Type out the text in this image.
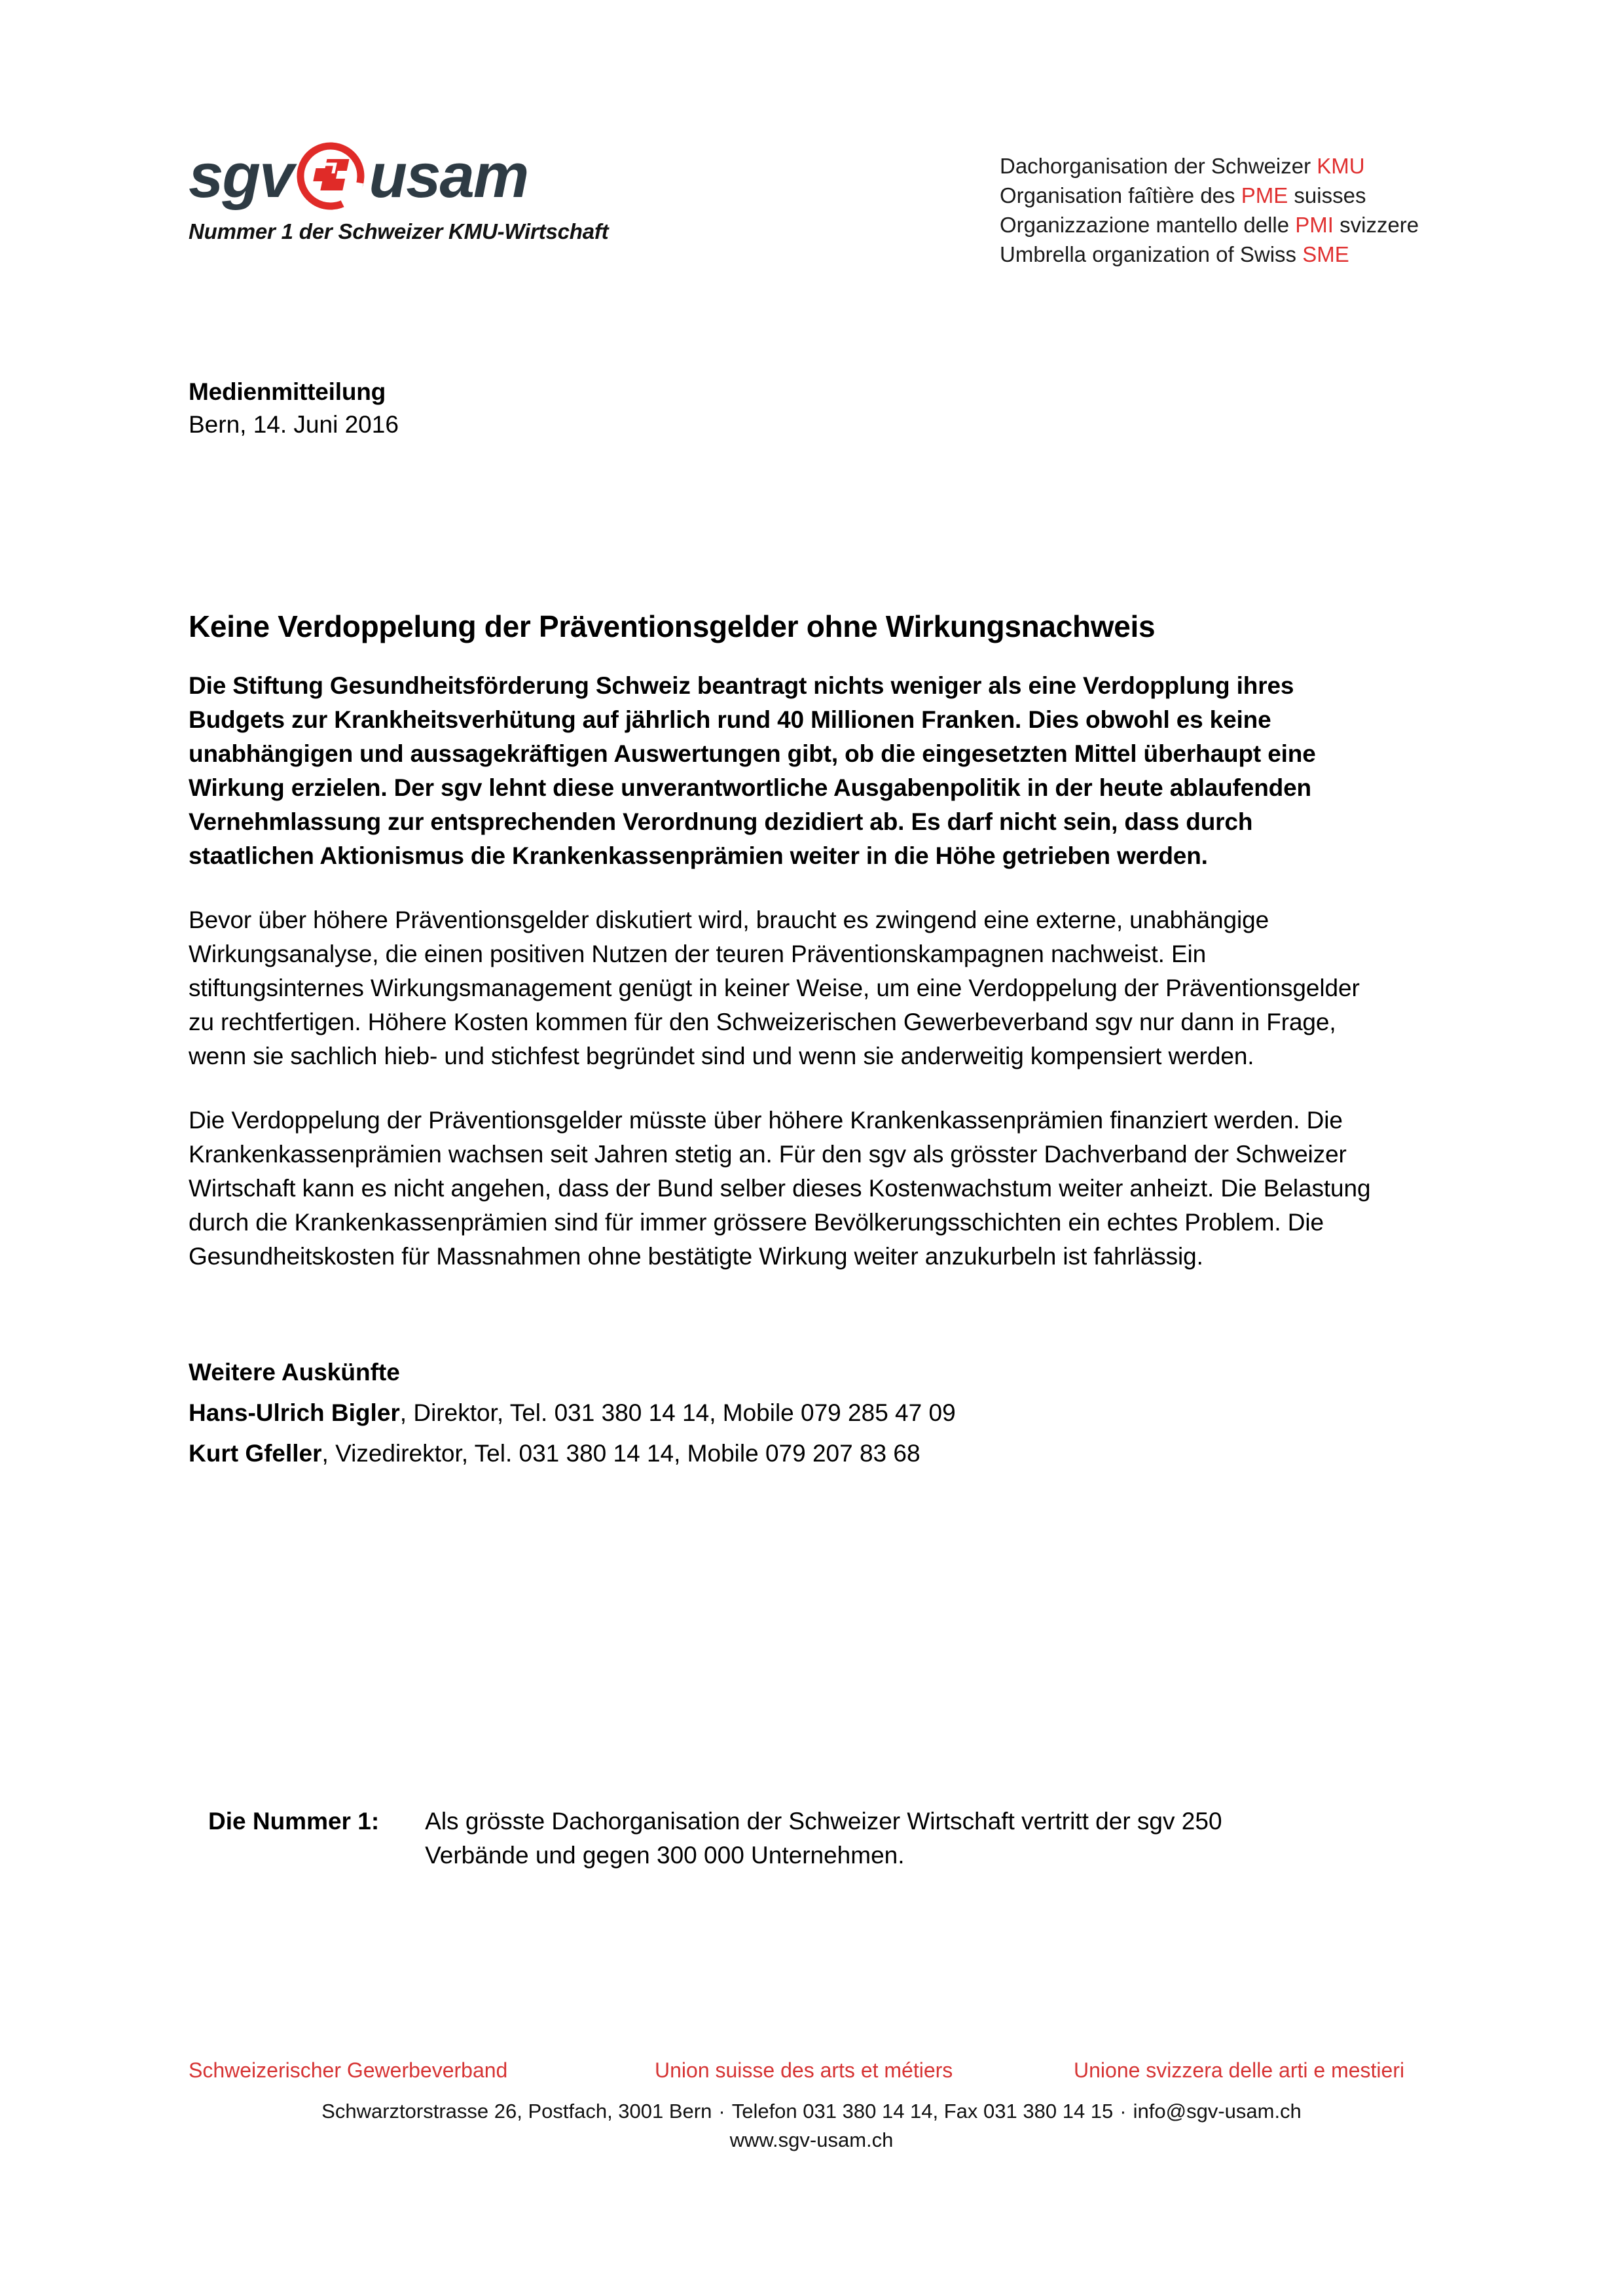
sgv usam
Nummer 1 der Schweizer KMU-Wirtschaft
Dachorganisation der Schweizer KMU
Organisation faîtière des PME suisses
Organizzazione mantello delle PMI svizzere
Umbrella organization of Swiss SME
Medienmitteilung
Bern, 14. Juni 2016
Keine Verdoppelung der Präventionsgelder ohne Wirkungsnachweis

Die Stiftung Gesundheitsförderung Schweiz beantragt nichts weniger als eine Verdopplung ihres Budgets zur Krankheitsverhütung auf jährlich rund 40 Millionen Franken. Dies obwohl es keine unabhängigen und aussagekräftigen Auswertungen gibt, ob die eingesetzten Mittel überhaupt eine Wirkung erzielen. Der sgv lehnt diese unverantwortliche Ausgabenpolitik in der heute ablaufenden Vernehmlassung zur entsprechenden Verordnung dezidiert ab. Es darf nicht sein, dass durch staatlichen Aktionismus die Krankenkassenprämien weiter in die Höhe getrieben werden.

Bevor über höhere Präventionsgelder diskutiert wird, braucht es zwingend eine externe, unabhängige Wirkungsanalyse, die einen positiven Nutzen der teuren Präventionskampagnen nachweist. Ein stiftungsinternes Wirkungsmanagement genügt in keiner Weise, um eine Verdoppelung der Präventionsgelder zu rechtfertigen. Höhere Kosten kommen für den Schweizerischen Gewerbeverband sgv nur dann in Frage, wenn sie sachlich hieb- und stichfest begründet sind und wenn sie anderweitig kompensiert werden.

Die Verdoppelung der Präventionsgelder müsste über höhere Krankenkassenprämien finanziert werden. Die Krankenkassenprämien wachsen seit Jahren stetig an. Für den sgv als grösster Dachverband der Schweizer Wirtschaft kann es nicht angehen, dass der Bund selber dieses Kostenwachstum weiter anheizt. Die Belastung durch die Krankenkassenprämien sind für immer grössere Bevölkerungsschichten ein echtes Problem. Die Gesundheitskosten für Massnahmen ohne bestätigte Wirkung weiter anzukurbeln ist fahrlässig.

Weitere Auskünfte
Hans-Ulrich Bigler, Direktor, Tel. 031 380 14 14, Mobile 079 285 47 09
Kurt Gfeller, Vizedirektor, Tel. 031 380 14 14, Mobile 079 207 83 68
Die Nummer 1: Als grösste Dachorganisation der Schweizer Wirtschaft vertritt der sgv 250 Verbände und gegen 300 000 Unternehmen.
Schweizerischer Gewerbeverband	Union suisse des arts et métiers	Unione svizzera delle arti e mestieri
Schwarztorstrasse 26, Postfach, 3001 Bern · Telefon 031 380 14 14, Fax 031 380 14 15 · info@sgv-usam.ch
www.sgv-usam.ch
